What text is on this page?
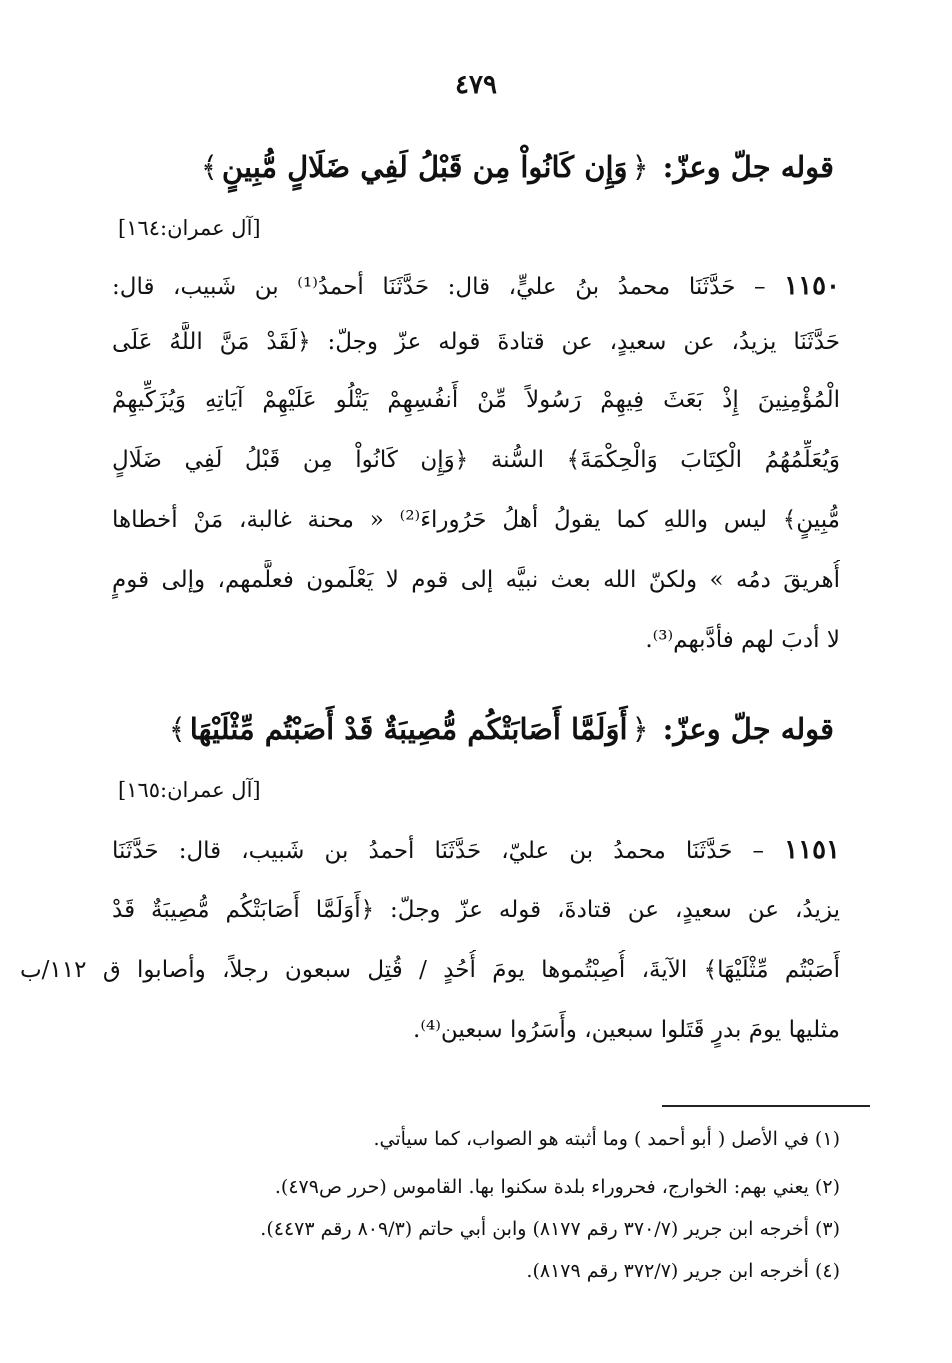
٤٧٩
قوله جلّ وعزّ: ﴿وَإِن كَانُواْ مِن قَبْلُ لَفِي ضَلَالٍ مُّبِينٍ﴾
[آل عمران:١٦٤]
١١٥٠ – حَدَّثَنَا محمدُ بنُ عليٍّ، قال: حَدَّثَنَا أحمدُ⁽¹⁾ بن شَبيب، قال:
حَدَّثَنَا يزيدُ، عن سعيدٍ، عن قتادةَ قوله عزّ وجلّ: ﴿لَقَدْ مَنَّ اللَّهُ عَلَى
الْمُؤْمِنِينَ إِذْ بَعَثَ فِيهِمْ رَسُولاً مِّنْ أَنفُسِهِمْ يَتْلُو عَلَيْهِمْ آيَاتِهِ وَيُزَكِّيهِمْ
وَيُعَلِّمُهُمُ الْكِتَابَ وَالْحِكْمَةَ﴾ السُّنة ﴿وَإِن كَانُواْ مِن قَبْلُ لَفِي ضَلَالٍ
مُّبِينٍ﴾ ليس واللهِ كما يقولُ أهلُ حَرُوراءَ⁽²⁾ « محنة غالبة، مَنْ أخطاها
أُهريقَ دمُه » ولكنّ الله بعث نبيَّه إلى قوم لا يَعْلَمون فعلَّمهم، وإلى قومٍ
لا أدبَ لهم فأدَّبهم⁽³⁾.
قوله جلّ وعزّ: ﴿أَوَلَمَّا أَصَابَتْكُم مُّصِيبَةٌ قَدْ أَصَبْتُم مِّثْلَيْهَا﴾
[آل عمران:١٦٥]
١١٥١ – حَدَّثَنَا محمدُ بن عليّ، حَدَّثَنَا أحمدُ بن شَبيب، قال: حَدَّثَنَا
يزيدُ، عن سعيدٍ، عن قتادةَ، قوله عزّ وجلّ: ﴿أَوَلَمَّا أَصَابَتْكُم مُّصِيبَةٌ قَدْ
أَصَبْتُم مِّثْلَيْهَا﴾ الآيةَ، أُصِبْتُموها يومَ أُحُدٍ / قُتِل سبعون رجلاً، وأصابوا ق ١١٢/ب
مثليها يومَ بدرٍ قَتَلوا سبعين، وأَسَرُوا سبعين⁽⁴⁾.
(١) في الأصل ( أبو أحمد ) وما أثبته هو الصواب، كما سيأتي.
(٢) يعني بهم: الخوارج، فحروراء بلدة سكنوا بها. القاموس (حرر ص٤٧٩).
(٣) أخرجه ابن جرير (٣٧٠/٧ رقم ٨١٧٧) وابن أبي حاتم (٨٠٩/٣ رقم ٤٤٧٣).
(٤) أخرجه ابن جرير (٣٧٢/٧ رقم ٨١٧٩).
